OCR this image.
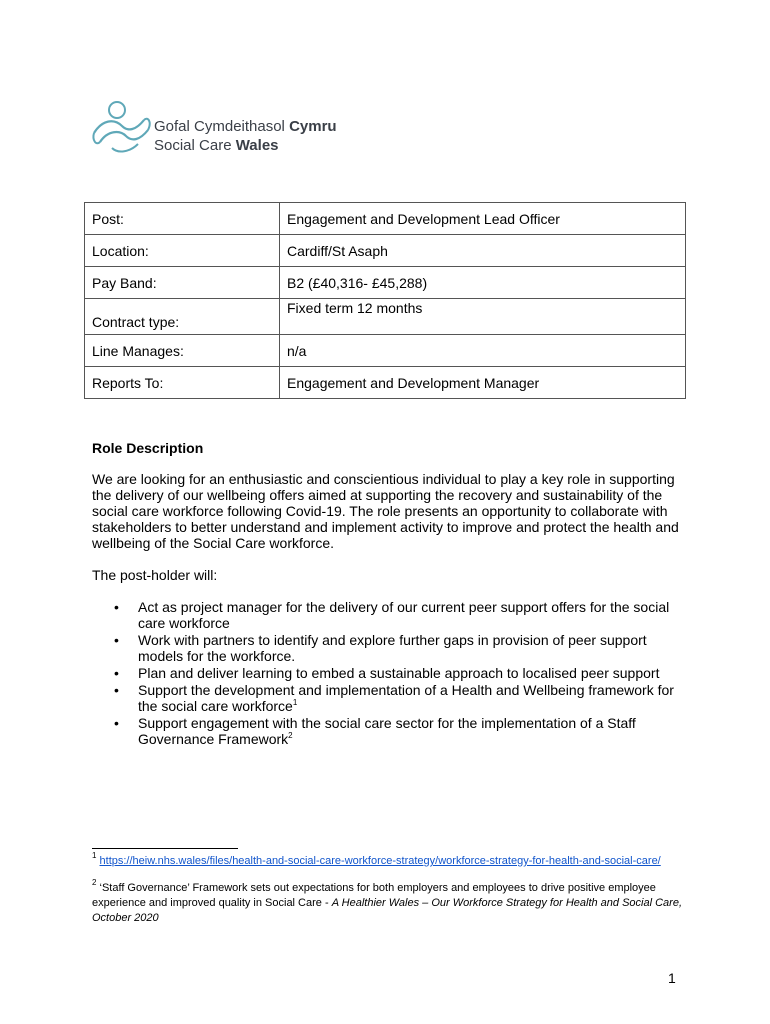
Gofal Cymdeithasol Cymru
Social Care Wales
Post:	Engagement and Development Lead Officer
Location:	Cardiff/St Asaph
Pay Band:	B2 (£40,316- £45,288)
Contract type:	Fixed term 12 months
Line Manages:	n/a
Reports To:	Engagement and Development Manager
Role Description
We are looking for an enthusiastic and conscientious individual to play a key role in supporting the delivery of our wellbeing offers aimed at supporting the recovery and sustainability of the social care workforce following Covid-19. The role presents an opportunity to collaborate with stakeholders to better understand and implement activity to improve and protect the health and wellbeing of the Social Care workforce.
The post-holder will:
• Act as project manager for the delivery of our current peer support offers for the social care workforce
• Work with partners to identify and explore further gaps in provision of peer support models for the workforce.
• Plan and deliver learning to embed a sustainable approach to localised peer support
• Support the development and implementation of a Health and Wellbeing framework for the social care workforce$^1$
• Support engagement with the social care sector for the implementation of a Staff Governance Framework$^2$
$^1$ https://heiw.nhs.wales/files/health-and-social-care-workforce-strategy/workforce-strategy-for-health-and-social-care/
$^2$ ‘Staff Governance’ Framework sets out expectations for both employers and employees to drive positive employee experience and improved quality in Social Care - A Healthier Wales – Our Workforce Strategy for Health and Social Care, October 2020
1
